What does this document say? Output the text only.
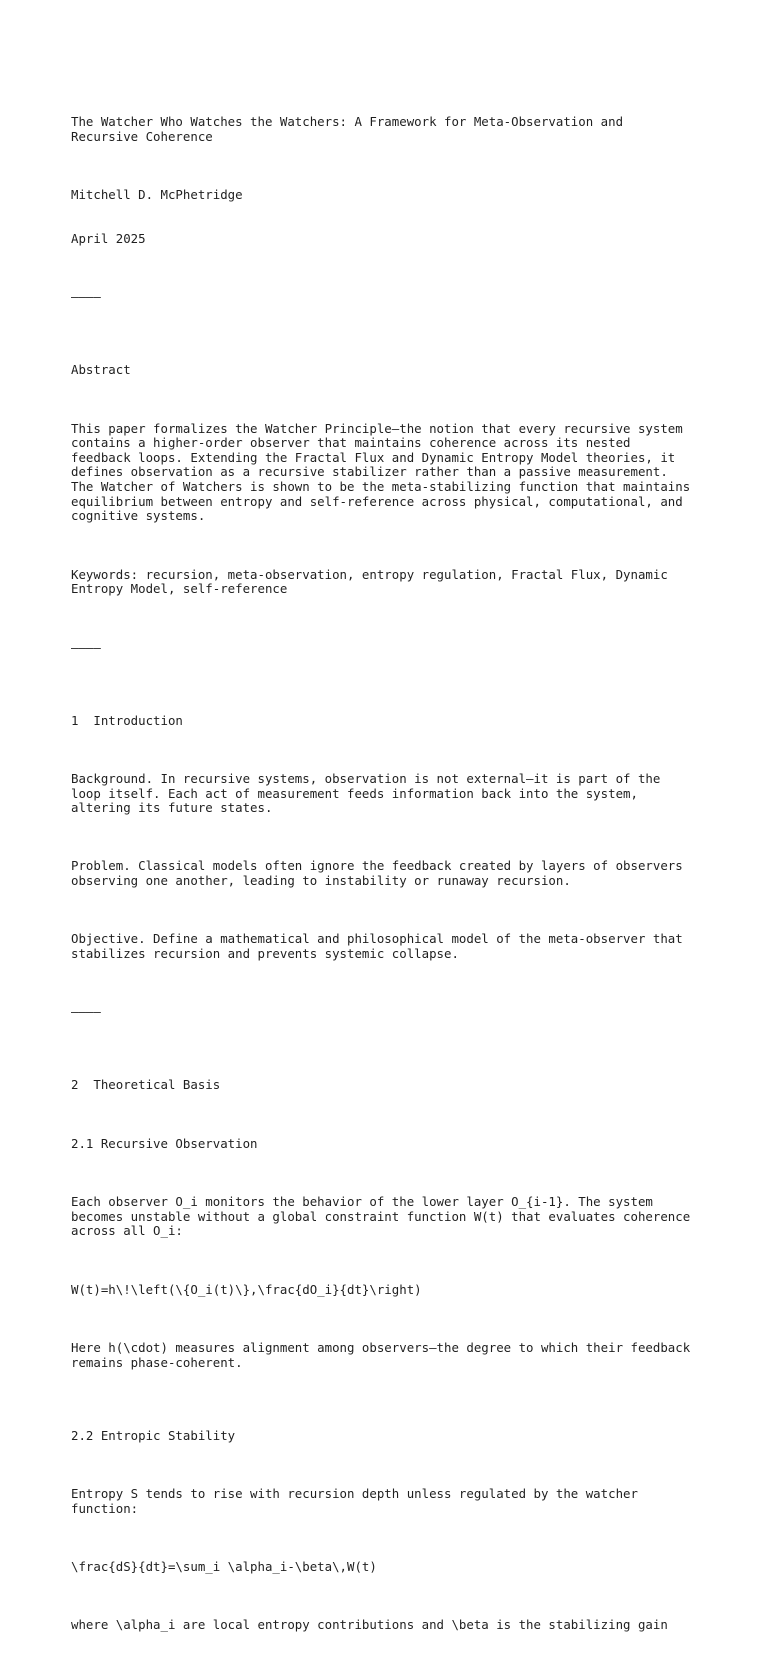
The Watcher Who Watches the Watchers: A Framework for Meta-Observation and
Recursive Coherence

Mitchell D. McPhetridge

April 2025

————

Abstract

This paper formalizes the Watcher Principle—the notion that every recursive system
contains a higher-order observer that maintains coherence across its nested
feedback loops. Extending the Fractal Flux and Dynamic Entropy Model theories, it
defines observation as a recursive stabilizer rather than a passive measurement.
The Watcher of Watchers is shown to be the meta-stabilizing function that maintains
equilibrium between entropy and self-reference across physical, computational, and
cognitive systems.

Keywords: recursion, meta-observation, entropy regulation, Fractal Flux, Dynamic
Entropy Model, self-reference

————

1  Introduction

Background. In recursive systems, observation is not external—it is part of the
loop itself. Each act of measurement feeds information back into the system,
altering its future states.

Problem. Classical models often ignore the feedback created by layers of observers
observing one another, leading to instability or runaway recursion.

Objective. Define a mathematical and philosophical model of the meta-observer that
stabilizes recursion and prevents systemic collapse.

————

2  Theoretical Basis

2.1 Recursive Observation

Each observer O_i monitors the behavior of the lower layer O_{i-1}. The system
becomes unstable without a global constraint function W(t) that evaluates coherence
across all O_i:

W(t)=h\!\left(\{O_i(t)\},\frac{dO_i}{dt}\right)

Here h(\cdot) measures alignment among observers—the degree to which their feedback
remains phase-coherent.

2.2 Entropic Stability

Entropy S tends to rise with recursion depth unless regulated by the watcher
function:

\frac{dS}{dt}=\sum_i \alpha_i-\beta\,W(t)

where \alpha_i are local entropy contributions and \beta is the stabilizing gain
